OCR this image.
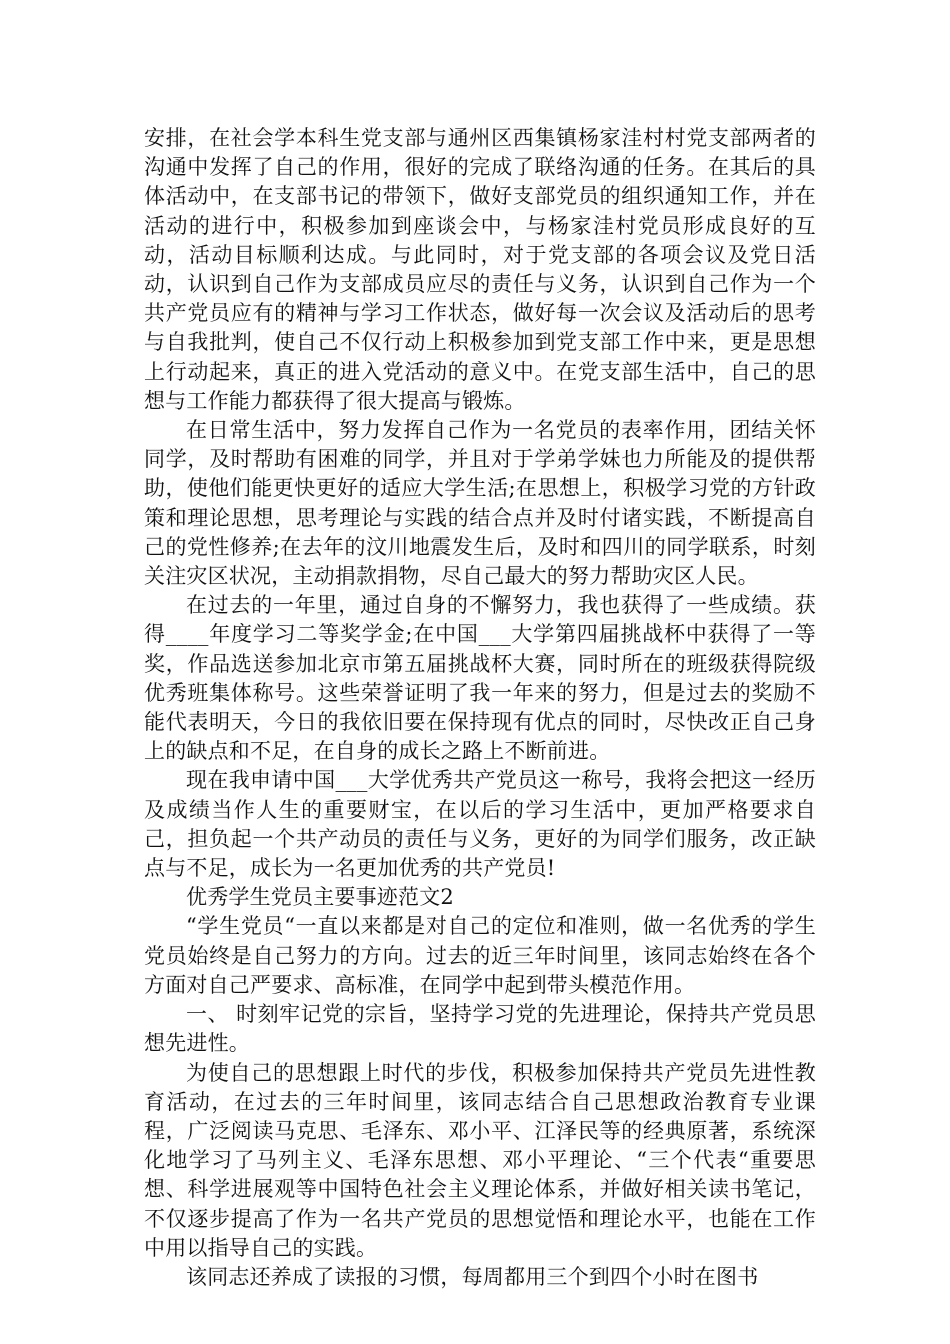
安排，在社会学本科生党支部与通州区西集镇杨家洼村村党支部两者的沟通中发挥了自己的作用，很好的完成了联络沟通的任务。在其后的具体活动中，在支部书记的带领下，做好支部党员的组织通知工作，并在活动的进行中，积极参加到座谈会中，与杨家洼村党员形成良好的互动，活动目标顺利达成。与此同时，对于党支部的各项会议及党日活动，认识到自己作为支部成员应尽的责任与义务，认识到自己作为一个共产党员应有的精神与学习工作状态，做好每一次会议及活动后的思考与自我批判，使自己不仅行动上积极参加到党支部工作中来，更是思想上行动起来，真正的进入党活动的意义中。在党支部生活中，自己的思想与工作能力都获得了很大提高与锻炼。

在日常生活中，努力发挥自己作为一名党员的表率作用，团结关怀同学，及时帮助有困难的同学，并且对于学弟学妹也力所能及的提供帮助，使他们能更快更好的适应大学生活;在思想上，积极学习党的方针政策和理论思想，思考理论与实践的结合点并及时付诸实践，不断提高自己的党性修养;在去年的汶川地震发生后，及时和四川的同学联系，时刻关注灾区状况，主动捐款捐物，尽自己最大的努力帮助灾区人民。

在过去的一年里，通过自身的不懈努力，我也获得了一些成绩。获得____年度学习二等奖学金;在中国___大学第四届挑战杯中获得了一等奖，作品选送参加北京市第五届挑战杯大赛，同时所在的班级获得院级优秀班集体称号。这些荣誉证明了我一年来的努力，但是过去的奖励不能代表明天，今日的我依旧要在保持现有优点的同时，尽快改正自己身上的缺点和不足，在自身的成长之路上不断前进。

现在我申请中国___大学优秀共产党员这一称号，我将会把这一经历及成绩当作人生的重要财宝，在以后的学习生活中，更加严格要求自己，担负起一个共产动员的责任与义务，更好的为同学们服务，改正缺点与不足，成长为一名更加优秀的共产党员!

优秀学生党员主要事迹范文2

“学生党员“一直以来都是对自己的定位和准则，做一名优秀的学生党员始终是自己努力的方向。过去的近三年时间里，该同志始终在各个方面对自己严要求、高标准，在同学中起到带头模范作用。

一、 时刻牢记党的宗旨，坚持学习党的先进理论，保持共产党员思想先进性。

为使自己的思想跟上时代的步伐，积极参加保持共产党员先进性教育活动，在过去的三年时间里，该同志结合自己思想政治教育专业课程，广泛阅读马克思、毛泽东、邓小平、江泽民等的经典原著，系统深化地学习了马列主义、毛泽东思想、邓小平理论、“三个代表“重要思想、科学进展观等中国特色社会主义理论体系，并做好相关读书笔记，不仅逐步提高了作为一名共产党员的思想觉悟和理论水平，也能在工作中用以指导自己的实践。

该同志还养成了读报的习惯，每周都用三个到四个小时在图书
